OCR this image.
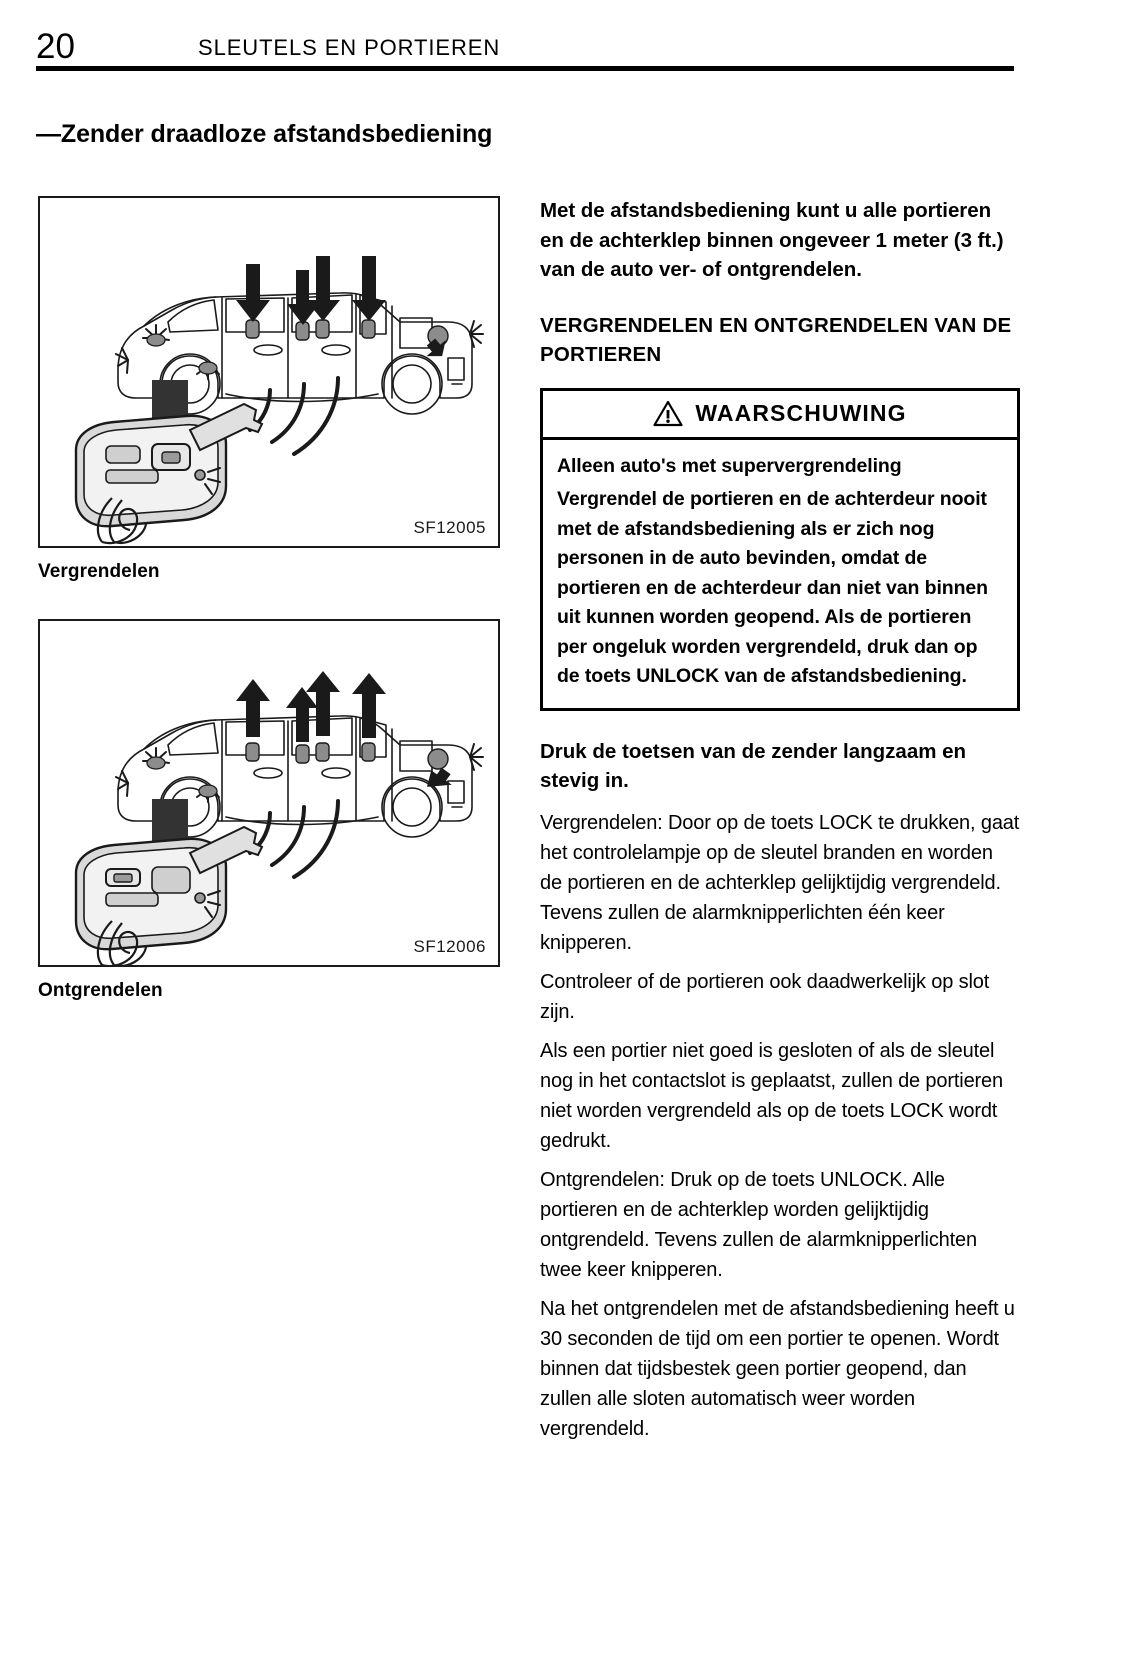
20	SLEUTELS EN PORTIEREN
—Zender draadloze afstandsbediening
SF12005
Vergrendelen
SF12006
Ontgrendelen

Met de afstandsbediening kunt u alle portieren en de achterklep binnen ongeveer 1 meter (3 ft.) van de auto ver- of ontgrendelen.

VERGRENDELEN EN ONTGRENDELEN VAN DE PORTIEREN

WAARSCHUWING

Alleen auto's met supervergrendeling

Vergrendel de portieren en de achterdeur nooit met de afstandsbediening als er zich nog personen in de auto bevinden, omdat de portieren en de achterdeur dan niet van binnen uit kunnen worden geopend. Als de portieren per ongeluk worden vergrendeld, druk dan op de toets UNLOCK van de afstandsbediening.

Druk de toetsen van de zender langzaam en stevig in.

Vergrendelen: Door op de toets LOCK te drukken, gaat het controlelampje op de sleutel branden en worden de portieren en de achterklep gelijktijdig vergrendeld. Tevens zullen de alarmknipperlichten één keer knipperen.

Controleer of de portieren ook daadwerkelijk op slot zijn.

Als een portier niet goed is gesloten of als de sleutel nog in het contactslot is geplaatst, zullen de portieren niet worden vergrendeld als op de toets LOCK wordt gedrukt.

Ontgrendelen: Druk op de toets UNLOCK. Alle portieren en de achterklep worden gelijktijdig ontgrendeld. Tevens zullen de alarmknipperlichten twee keer knipperen.

Na het ontgrendelen met de afstandsbediening heeft u 30 seconden de tijd om een portier te openen. Wordt binnen dat tijdsbestek geen portier geopend, dan zullen alle sloten automatisch weer worden vergrendeld.
